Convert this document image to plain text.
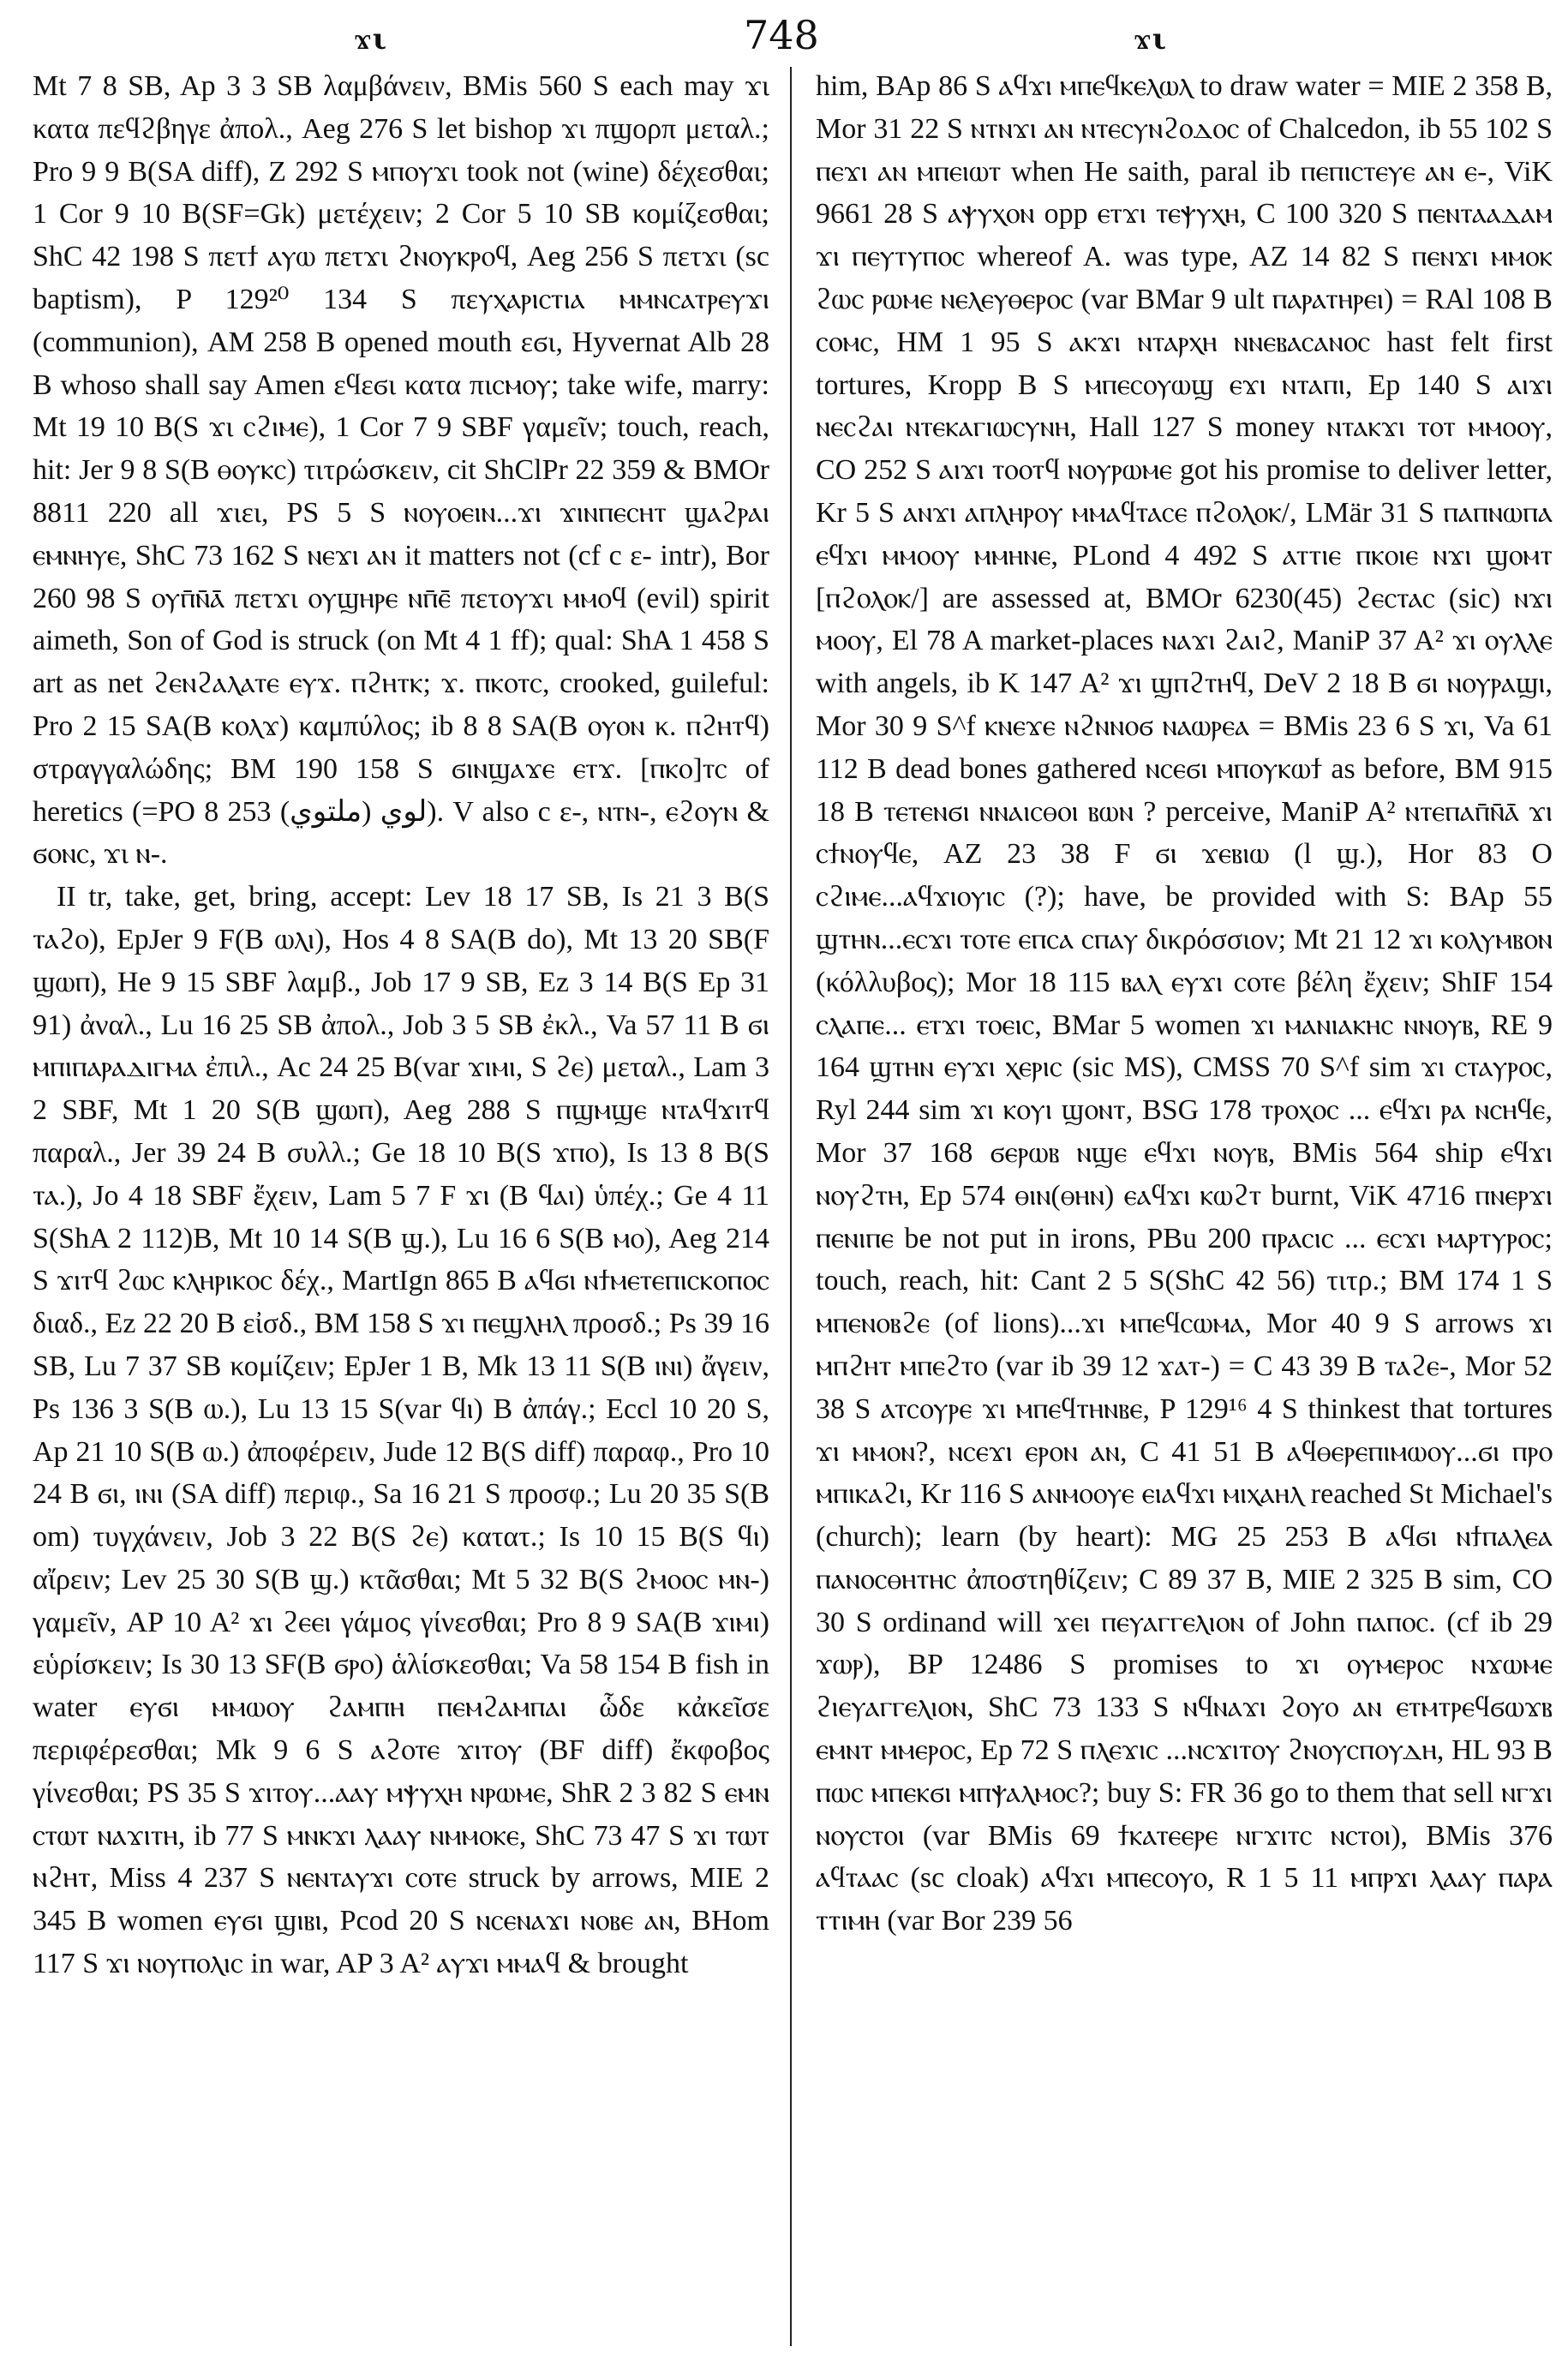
ϫι	748	ϫι

Mt 7 8 SB, Ap 3 3 SB λαμβάνειν, BMis 560 S each may ϫι κατα πεϥϩβηγε ἀπολ., Aeg 276 S let bishop ϫι πϣορπ μεταλ.; Pro 9 9 B(SA diff), Z 292 S ⲙⲡⲟⲩϫι took not (wine) δέχεσθαι; 1 Cor 9 10 B(SF=Gk) μετέχειν; 2 Cor 5 10 SB κομίζεσθαι; ShC 42 198 S πετϯ ⲁⲩⲱ πετϫι ϩⲛⲟⲩⲕⲣⲟϥ, Aeg 256 S πετϫι (sc baptism), P 129²⁰ 134 S πεⲩⲭⲁⲣⲓⲥⲧⲓⲁ ⲙⲙⲛⲥⲁⲧⲣⲉⲩϫⲓ (communion), AM 258 B opened mouth εϭι, Hyvernat Alb 28 B whoso shall say Amen εϥεϭι κατα πιⲥⲙⲟⲩ; take wife, marry: Mt 19 10 B(S ϫι ⲥϩⲓⲙⲉ), 1 Cor 7 9 SBF γαμεῖν; touch, reach, hit: Jer 9 8 S(B ⲑⲟⲩⲕⲥ) τιτρώσκειν, cit ShClPr 22 359 & BMOr 8811 220 all ϫιει, PS 5 S ⲛⲟⲩⲟⲉⲓⲛ...ϫⲓ ϫⲓⲛⲡⲉⲥⲏⲧ ϣⲁϩⲣⲁⲓ ⲉⲙⲛⲏⲩⲉ, ShC 73 162 S ⲛⲉϫⲓ ⲁⲛ it matters not (cf c ε- intr), Bor 260 98 S ⲟⲩⲡ̄ⲛ̄ⲁ̄ πετϫι ⲟⲩϣⲏⲣⲉ ⲛⲡ̄ⲉ̄ πετⲟⲩϫι ⲙⲙⲟϥ (evil) spirit aimeth, Son of God is struck (on Mt 4 1 ff); qual: ShA 1 458 S art as net ϩⲉⲛϩⲁⲗⲁⲧⲉ ⲉⲩϫ. ⲡϩⲏⲧⲕ; ϫ. ⲡⲕⲟⲧⲥ, crooked, guileful: Pro 2 15 SA(B ⲕⲟⲗϫ) καμπύλος; ib 8 8 SA(B ⲟⲩⲟⲛ κ. ⲡϩⲏⲧϥ) στραγγαλώδης; BM 190 158 S ϭⲓⲛϣⲁϫⲉ ⲉⲧϫ. [ⲡⲕⲟ]ⲧⲥ of heretics (=PO 8 253 لوي (ملتوي)). V also c ε-, ⲛⲧⲛ-, ⲉϩⲟⲩⲛ & ϭⲟⲛⲥ, ϫι ⲛ-.

II tr, take, get, bring, accept: Lev 18 17 SB, Is 21 3 B(S ⲧⲁϩⲟ), EpJer 9 F(B ⲱⲗⲓ), Hos 4 8 SA(B do), Mt 13 20 SB(F ϣⲱⲡ), He 9 15 SBF λαμβ., Job 17 9 SB, Ez 3 14 B(S Ep 31 91) ἀναλ., Lu 16 25 SB ἀπολ., Job 3 5 SB ἐκλ., Va 57 11 B ϭⲓ ⲙⲡⲓⲡⲁⲣⲁⲇⲓⲅⲙⲁ ἐπιλ., Ac 24 25 B(var ϫⲓⲙⲓ, S ϩⲉ) μεταλ., Lam 3 2 SBF, Mt 1 20 S(B ϣⲱⲡ), Aeg 288 S ⲡϣⲙϣⲉ ⲛⲧⲁϥϫⲓⲧϥ παραλ., Jer 39 24 B συλλ.; Ge 18 10 B(S ϫⲡⲟ), Is 13 8 B(S ⲧⲁ.), Jo 4 18 SBF ἔχειν, Lam 5 7 F ϫⲓ (B ϥⲁⲓ) ὑπέχ.; Ge 4 11 S(ShA 2 112)B, Mt 10 14 S(B ϣ.), Lu 16 6 S(B ⲙⲟ), Aeg 214 S ϫⲓⲧϥ ϩⲱⲥ ⲕⲗⲏⲣⲓⲕⲟⲥ δέχ., MartIgn 865 B ⲁϥϭⲓ ⲛϯⲙⲉⲧⲉⲡⲓⲥⲕⲟⲡⲟⲥ διαδ., Ez 22 20 B εἰσδ., BM 158 S ϫⲓ ⲡⲉϣⲗⲏⲗ προσδ.; Ps 39 16 SB, Lu 7 37 SB κομίζειν; EpJer 1 B, Mk 13 11 S(B ⲓⲛⲓ) ἄγειν, Ps 136 3 S(B ⲱ.), Lu 13 15 S(var ϥⲓ) B ἀπάγ.; Eccl 10 20 S, Ap 21 10 S(B ⲱ.) ἀποφέρειν, Jude 12 B(S diff) παραφ., Pro 10 24 B ϭⲓ, ⲓⲛⲓ (SA diff) περιφ., Sa 16 21 S προσφ.; Lu 20 35 S(B om) τυγχάνειν, Job 3 22 B(S ϩⲉ) κατατ.; Is 10 15 B(S ϥⲓ) αἴρειν; Lev 25 30 S(B ϣ.) κτᾶσθαι; Mt 5 32 B(S ϩⲙⲟⲟⲥ ⲙⲛ-) γαμεῖν, AP 10 A² ϫⲓ ϩⲉⲉⲓ γάμος γίνεσθαι; Pro 8 9 SA(B ϫⲓⲙⲓ) εὑρίσκειν; Is 30 13 SF(B ϭⲣⲟ) ἁλίσκεσθαι; Va 58 154 B fish in water ⲉⲩϭⲓ ⲙⲙⲱⲟⲩ ϩⲁⲙⲡⲏ ⲡⲉⲙϩⲁⲙⲡⲁⲓ ὧδε κἀκεῖσε περιφέρεσθαι; Mk 9 6 S ⲁϩⲟⲧⲉ ϫⲓⲧⲟⲩ (BF diff) ἔκφοβος γίνεσθαι; PS 35 S ϫⲓⲧⲟⲩ...ⲁⲁⲩ ⲙⲯⲩⲭⲏ ⲛⲣⲱⲙⲉ, ShR 2 3 82 S ⲉⲙⲛ ⲥⲧⲱⲧ ⲛⲁϫⲓⲧⲏ, ib 77 S ⲙⲛⲕϫⲓ ⲗⲁⲁⲩ ⲛⲙⲙⲟⲕⲉ, ShC 73 47 S ϫⲓ ⲧⲱⲧ ⲛϩⲏⲧ, Miss 4 237 S ⲛⲉⲛⲧⲁⲩϫⲓ ⲥⲟⲧⲉ struck by arrows, MIE 2 345 B women ⲉⲩϭⲓ ϣⲓⲃⲓ, Pcod 20 S ⲛⲥⲉⲛⲁϫⲓ ⲛⲟⲃⲉ ⲁⲛ, BHom 117 S ϫⲓ ⲛⲟⲩⲡⲟⲗⲓⲥ in war, AP 3 A² ⲁⲩϫⲓ ⲙⲙⲁϥ & brought

him, BAp 86 S ⲁϥϫⲓ ⲙⲡⲉϥⲕⲉⲗⲱⲗ to draw water = MIE 2 358 B, Mor 31 22 S ⲛⲧⲛϫⲓ ⲁⲛ ⲛⲧⲉⲥⲩⲛϩⲟⲇⲟⲥ of Chalcedon, ib 55 102 S ⲡⲉϫⲓ ⲁⲛ ⲙⲡⲉⲓⲱⲧ when He saith, paral ib ⲡⲉⲡⲓⲥⲧⲉⲩⲉ ⲁⲛ ⲉ-, ViK 9661 28 S ⲁⲯⲩⲭⲟⲛ opp ⲉⲧϫⲓ ⲧⲉⲯⲩⲭⲏ, C 100 320 S ⲡⲉⲛⲧⲁⲁⲇⲁⲙ ϫⲓ ⲡⲉⲩⲧⲩⲡⲟⲥ whereof A. was type, AZ 14 82 S ⲡⲉⲛϫⲓ ⲙⲙⲟⲕ ϩⲱⲥ ⲣⲱⲙⲉ ⲛⲉⲗⲉⲩⲑⲉⲣⲟⲥ (var BMar 9 ult ⲡⲁⲣⲁⲧⲏⲣⲉⲓ) = RAl 108 B ⲥⲟⲙⲥ, HM 1 95 S ⲁⲕϫⲓ ⲛⲧⲁⲣⲭⲏ ⲛⲛⲉⲃⲁⲥⲁⲛⲟⲥ hast felt first tortures, Kropp B S ⲙⲡⲉⲥⲟⲩⲱϣ ⲉϫⲓ ⲛⲧⲁⲡⲓ, Ep 140 S ⲁⲓϫⲓ ⲛⲉⲥϩⲁⲓ ⲛⲧⲉⲕⲁⲅⲓⲱⲥⲩⲛⲏ, Hall 127 S money ⲛⲧⲁⲕϫⲓ ⲧⲟⲧ ⲙⲙⲟⲟⲩ, CO 252 S ⲁⲓϫⲓ ⲧⲟⲟⲧϥ ⲛⲟⲩⲣⲱⲙⲉ got his promise to deliver letter, Kr 5 S ⲁⲛϫⲓ ⲁⲡⲗⲏⲣⲟⲩ ⲙⲙⲁϥⲧⲁⲥⲉ ⲡϩⲟⲗⲟⲕ/, LMär 31 S ⲡⲁⲡⲛⲱⲡⲁ ⲉϥϫⲓ ⲙⲙⲟⲟⲩ ⲙⲙⲏⲛⲉ, PLond 4 492 S ⲁⲧⲧⲓⲉ ⲡⲕⲟⲓⲉ ⲛϫⲓ ϣⲟⲙⲧ [ⲡϩⲟⲗⲟⲕ/] are assessed at, BMOr 6230(45) ϩⲉⲥⲧⲁⲥ (sic) ⲛϫⲓ ⲙⲟⲟⲩ, El 78 A market-places ⲛⲁϫⲓ ϩⲁⲓϩ, ManiP 37 A² ϫⲓ ⲟⲩⲗⲗⲉ with angels, ib K 147 A² ϫⲓ ϣⲡϩⲧⲏϥ, DeV 2 18 B ϭⲓ ⲛⲟⲩⲣⲁϣⲓ, Mor 30 9 S^f ⲕⲛⲉϫⲉ ⲛϩⲛⲛⲟϭ ⲛⲁⲱⲣⲉⲁ = BMis 23 6 S ϫⲓ, Va 61 112 B dead bones gathered ⲛⲥⲉϭⲓ ⲙⲡⲟⲩⲕⲱϯ as before, BM 915 18 B ⲧⲉⲧⲉⲛϭⲓ ⲛⲛⲁⲓⲥⲑⲟⲓ ⲃⲱⲛ ? perceive, ManiP A² ⲛⲧⲉⲡⲁⲡ̄ⲛ̄ⲁ̄ ϫⲓ ⲥϯⲛⲟⲩϥⲉ, AZ 23 38 F ϭⲓ ϫⲉⲃⲓⲱ (l ϣ.), Hor 83 O ⲥϩⲓⲙⲉ...ⲁϥϫⲓⲟⲩⲓⲥ (?); have, be provided with S: BAp 55 ϣⲧⲏⲛ...ⲉⲥϫⲓ ⲧⲟⲧⲉ ⲉⲡⲥⲁ ⲥⲡⲁⲩ δικρόσσιον; Mt 21 12 ϫⲓ ⲕⲟⲗⲩⲙⲃⲟⲛ (κόλλυβος); Mor 18 115 ⲃⲁⲗ ⲉⲩϫⲓ ⲥⲟⲧⲉ βέλη ἔχειν; ShIF 154 ⲥⲗⲁⲡⲉ... ⲉⲧϫⲓ ⲧⲟⲉⲓⲥ, BMar 5 women ϫⲓ ⲙⲁⲛⲓⲁⲕⲏⲥ ⲛⲛⲟⲩⲃ, RE 9 164 ϣⲧⲏⲛ ⲉⲩϫⲓ ⲭⲉⲣⲓⲥ (sic MS), CMSS 70 S^f sim ϫⲓ ⲥⲧⲁⲩⲣⲟⲥ, Ryl 244 sim ϫⲓ ⲕⲟⲩⲓ ϣⲟⲛⲧ, BSG 178 ⲧⲣⲟⲭⲟⲥ ... ⲉϥϫⲓ ⲣⲁ ⲛⲥⲏϥⲉ, Mor 37 168 ϭⲉⲣⲱⲃ ⲛϣⲉ ⲉϥϫⲓ ⲛⲟⲩⲃ, BMis 564 ship ⲉϥϫⲓ ⲛⲟⲩϩⲧⲏ, Ep 574 ⲑⲓⲛ(ⲑⲏⲛ) ⲉⲁϥϫⲓ ⲕⲱϩⲧ burnt, ViK 4716 ⲡⲛⲉⲣϫⲓ ⲡⲉⲛⲓⲡⲉ be not put in irons, PBu 200 ⲡⲣⲁⲥⲓⲥ ... ⲉⲥϫⲓ ⲙⲁⲣⲧⲩⲣⲟⲥ; touch, reach, hit: Cant 2 5 S(ShC 42 56) τιτρ.; BM 174 1 S ⲙⲡⲉⲛⲟⲃϩⲉ (of lions)...ϫⲓ ⲙⲡⲉϥⲥⲱⲙⲁ, Mor 40 9 S arrows ϫⲓ ⲙⲡϩⲏⲧ ⲙⲡⲉϩⲧⲟ (var ib 39 12 ϫⲁⲧ-) = C 43 39 B ⲧⲁϩⲉ-, Mor 52 38 S ⲁⲧⲥⲟⲩⲣⲉ ϫⲓ ⲙⲡⲉϥⲧⲏⲛⲃⲉ, P 129¹⁶ 4 S thinkest that tortures ϫⲓ ⲙⲙⲟⲛ?, ⲛⲥⲉϫⲓ ⲉⲣⲟⲛ ⲁⲛ, C 41 51 B ⲁϥⲑⲉⲣⲉⲡⲓⲙⲱⲟⲩ...ϭⲓ ⲡⲣⲟ ⲙⲡⲓⲕⲁϩⲓ, Kr 116 S ⲁⲛⲙⲟⲟⲩⲉ ⲉⲓⲁϥϫⲓ ⲙⲓⲭⲁⲏⲗ reached St Michael's (church); learn (by heart): MG 25 253 B ⲁϥϭⲓ ⲛϯⲡⲁⲗⲉⲁ ⲡⲁⲛⲟⲥⲑⲏⲧⲏⲥ ἀποστηθίζειν; C 89 37 B, MIE 2 325 B sim, CO 30 S ordinand will ϫⲉⲓ ⲡⲉⲩⲁⲅⲅⲉⲗⲓⲟⲛ of John ⲡⲁⲡⲟⲥ. (cf ib 29 ϫⲱⲣ), BP 12486 S promises to ϫⲓ ⲟⲩⲙⲉⲣⲟⲥ ⲛϫⲱⲙⲉ ϩⲓⲉⲩⲁⲅⲅⲉⲗⲓⲟⲛ, ShC 73 133 S ⲛϥⲛⲁϫⲓ ϩⲟⲩⲟ ⲁⲛ ⲉⲧⲙⲧⲣⲉϥϭⲱϫⲃ ⲉⲙⲛⲧ ⲙⲙⲉⲣⲟⲥ, Ep 72 S ⲡⲗⲉϫⲓⲥ ...ⲛⲥϫⲓⲧⲟⲩ ϩⲛⲟⲩⲥⲡⲟⲩⲇⲏ, HL 93 B ⲡⲱⲥ ⲙⲡⲉⲕϭⲓ ⲙⲡⲯⲁⲗⲙⲟⲥ?; buy S: FR 36 go to them that sell ⲛⲅϫⲓ ⲛⲟⲩⲥⲧⲟⲓ (var BMis 69 ϯⲕⲁⲧⲉⲉⲣⲉ ⲛⲅϫⲓⲧⲥ ⲛⲥⲧⲟⲓ), BMis 376 ⲁϥⲧⲁⲁⲥ (sc cloak) ⲁϥϫⲓ ⲙⲡⲉⲥⲟⲩⲟ, R 1 5 11 ⲙⲡⲣϫⲓ ⲗⲁⲁⲩ ⲡⲁⲣⲁ ⲧⲧⲓⲙⲏ (var Bor 239 56
